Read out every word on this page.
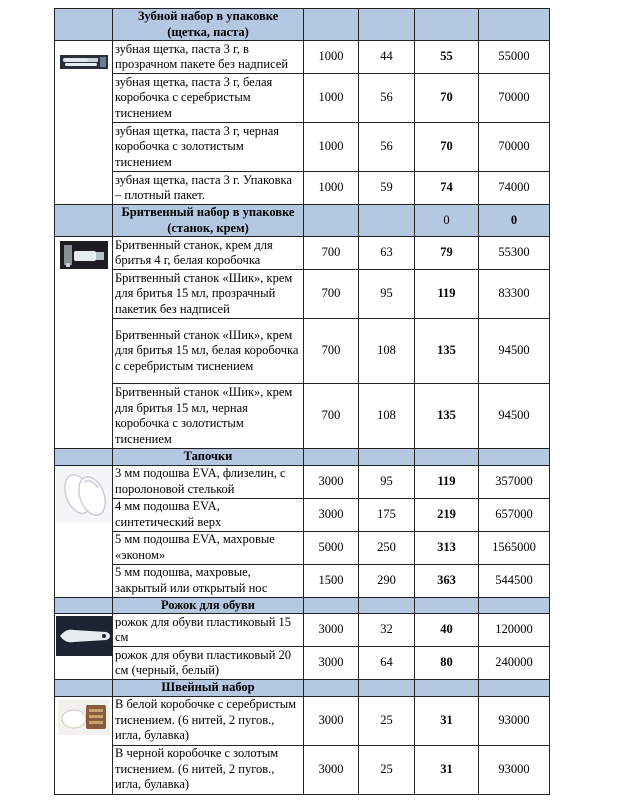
	Зубной набор в упаковке
(щетка, паста)				

	зубная щетка, паста 3 г, в прозрачном пакете без надписей	1000	44	55	55000
	зубная щетка, паста 3 г, белая коробочка с серебристым тиснением	1000	56	70	70000
	зубная щетка, паста 3 г, черная коробочка с золотистым тиснением	1000	56	70	70000
	зубная щетка, паста 3 г. Упаковка – плотный пакет.	1000	59	74	74000
	Бритвенный набор в упаковке
(станок, крем)			0	0

	Бритвенный станок, крем для бритья 4 г, белая коробочка	700	63	79	55300
	Бритвенный станок «Шик», крем для бритья 15 мл, прозрачный пакетик без надписей	700	95	119	83300
	Бритвенный станок «Шик», крем для бритья 15 мл, белая коробочка с серебристым тиснением	700	108	135	94500
	Бритвенный станок «Шик», крем для бритья 15 мл, черная коробочка с золотистым тиснением	700	108	135	94500
	Тапочки				

	3 мм подошва EVA, флизелин, с поролоновой стелькой	3000	95	119	357000
	4 мм подошва EVA, синтетический верх	3000	175	219	657000
	5 мм подошва EVA, махровые «эконом»	5000	250	313	1565000
	5 мм подошва, махровые, закрытый или открытый нос	1500	290	363	544500
	Рожок для обуви				

	рожок для обуви пластиковый 15 см	3000	32	40	120000
	рожок для обуви пластиковый 20 см (черный, белый)	3000	64	80	240000
	Швейный набор				

	В белой коробочке с серебристым тиснением. (6 нитей, 2 пугов., игла, булавка)	3000	25	31	93000
	В черной коробочке с золотым тиснением. (6 нитей, 2 пугов., игла, булавка)	3000	25	31	93000
